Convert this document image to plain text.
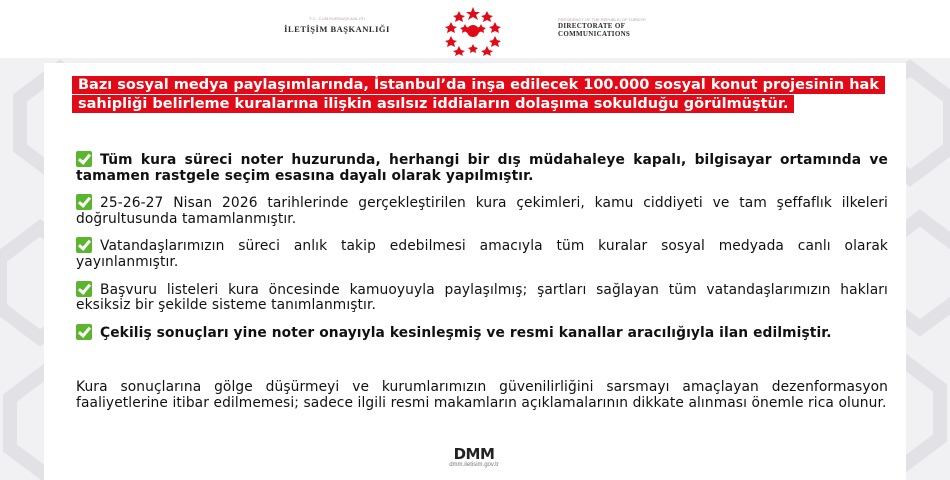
T.C. CUMHURBAŞKANLIĞI
İLETİŞİM BAŞKANLIĞI
PRESIDENCY OF THE REPUBLIC OF TÜRKİYE
DIRECTORATE OF
COMMUNICATIONS
Bazı sosyal medya paylaşımlarında, İstanbul’da inşa edilecek 100.000 sosyal konut projesinin hak sahipliği belirleme kuralarına ilişkin asılsız iddiaların dolaşıma sokulduğu görülmüştür.
Tüm kura süreci noter huzurunda, herhangi bir dış müdahaleye kapalı, bilgisayar ortamında ve tamamen rastgele seçim esasına dayalı olarak yapılmıştır.
25-26-27 Nisan 2026 tarihlerinde gerçekleştirilen kura çekimleri, kamu ciddiyeti ve tam şeffaflık ilkeleri doğrultusunda tamamlanmıştır.
Vatandaşlarımızın süreci anlık takip edebilmesi amacıyla tüm kuralar sosyal medyada canlı olarak yayınlanmıştır.
Başvuru listeleri kura öncesinde kamuoyuyla paylaşılmış; şartları sağlayan tüm vatandaşlarımızın hakları eksiksiz bir şekilde sisteme tanımlanmıştır.
Çekiliş sonuçları yine noter onayıyla kesinleşmiş ve resmi kanallar aracılığıyla ilan edilmiştir.
Kura sonuçlarına gölge düşürmeyi ve kurumlarımızın güvenilirliğini sarsmayı amaçlayan dezenformasyon faaliyetlerine itibar edilmemesi; sadece ilgili resmi makamların açıklamalarının dikkate alınması önemle rica olunur.
DMM
dmm.iletisim.gov.tr
